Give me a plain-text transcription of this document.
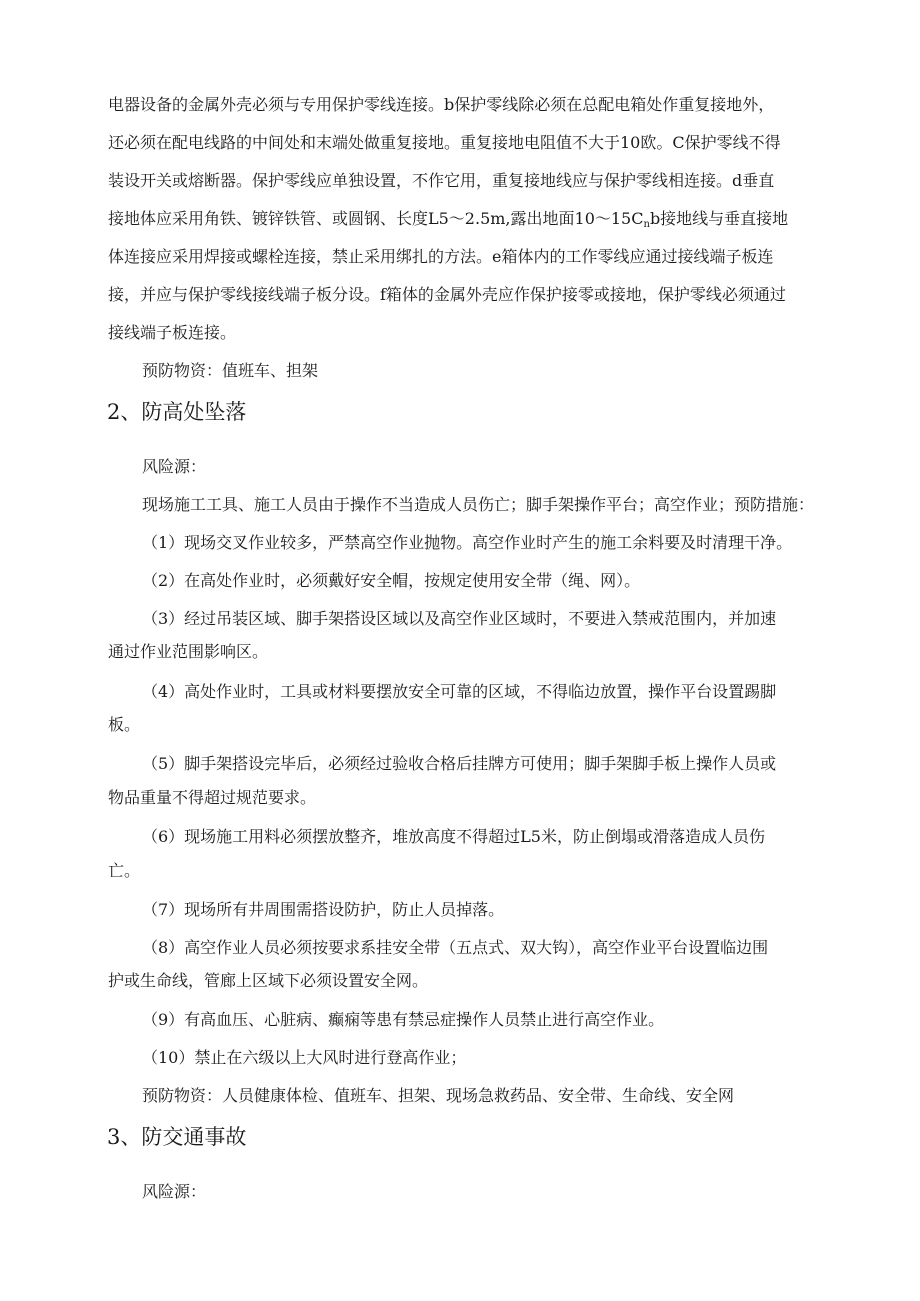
电器设备的金属外壳必须与专用保护零线连接。b保护零线除必须在总配电箱处作重复接地外，
还必须在配电线路的中间处和末端处做重复接地。重复接地电阻值不大于10欧。C保护零线不得
装设开关或熔断器。保护零线应单独设置，不作它用，重复接地线应与保护零线相连接。d垂直
接地体应采用角铁、镀锌铁管、或圆钢、长度L5～2.5m,露出地面$10\sim 15C_nb$接地线与垂直接地
体连接应采用焊接或螺栓连接，禁止采用绑扎的方法。e箱体内的工作零线应通过接线端子板连
接，并应与保护零线接线端子板分设。f箱体的金属外壳应作保护接零或接地，保护零线必须通过
接线端子板连接。
预防物资：值班车、担架
2、防高处坠落
风险源：
现场施工工具、施工人员由于操作不当造成人员伤亡；脚手架操作平台；高空作业；预防措施：
（1）现场交叉作业较多，严禁高空作业抛物。高空作业时产生的施工余料要及时清理干净。
（2）在高处作业时，必须戴好安全帽，按规定使用安全带（绳、网）。
（3）经过吊装区域、脚手架搭设区域以及高空作业区域时，不要进入禁戒范围内，并加速
通过作业范围影响区。
（4）高处作业时，工具或材料要摆放安全可靠的区域，不得临边放置，操作平台设置踢脚
板。
（5）脚手架搭设完毕后，必须经过验收合格后挂牌方可使用；脚手架脚手板上操作人员或
物品重量不得超过规范要求。
（6）现场施工用料必须摆放整齐，堆放高度不得超过L5米，防止倒塌或滑落造成人员伤
亡。
（7）现场所有井周围需搭设防护，防止人员掉落。
（8）高空作业人员必须按要求系挂安全带（五点式、双大钩），高空作业平台设置临边围
护或生命线，管廊上区域下必须设置安全网。
（9）有高血压、心脏病、癫痫等患有禁忌症操作人员禁止进行高空作业。
（10）禁止在六级以上大风时进行登高作业；
预防物资：人员健康体检、值班车、担架、现场急救药品、安全带、生命线、安全网
3、防交通事故
风险源：
